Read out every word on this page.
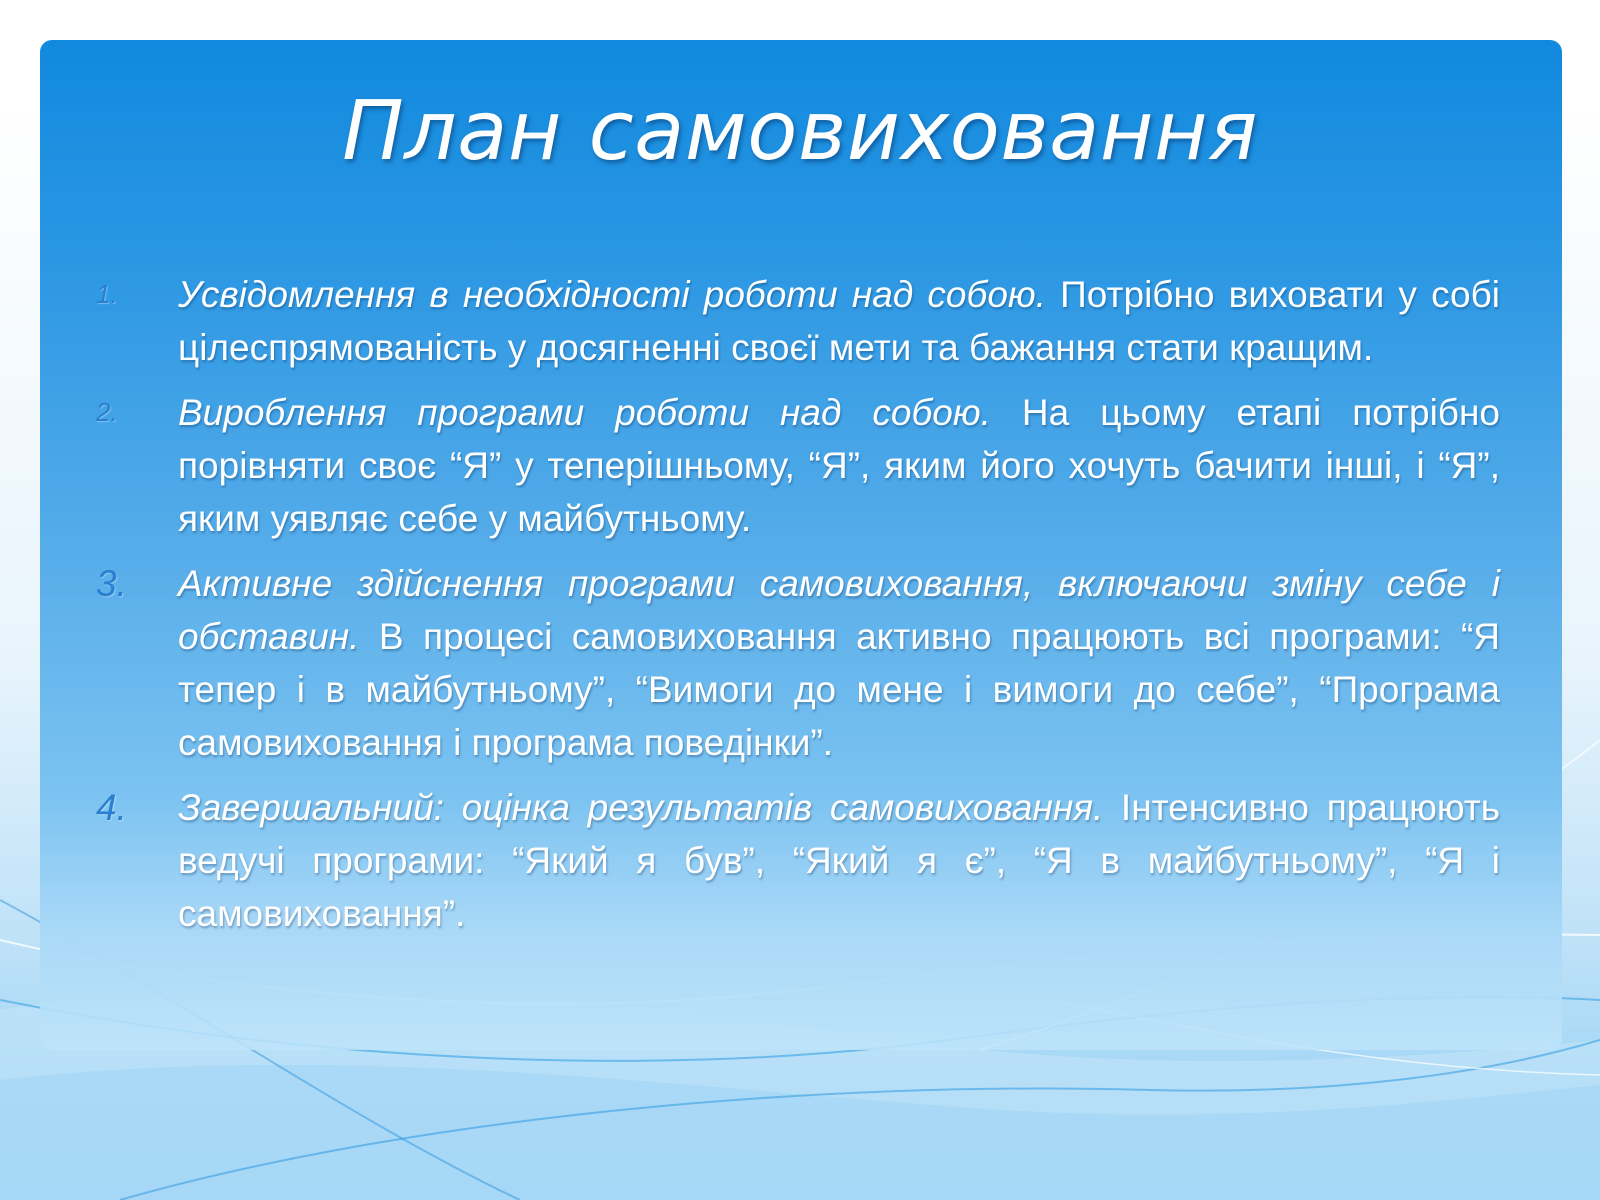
План самовиховання
1. Усвідомлення в необхідності роботи над собою. Потрібно виховати у собі цілеспрямованість у досягненні своєї мети та бажання стати кращим.
2. Вироблення програми роботи над собою. На цьому етапі потрібно порівняти своє “Я” у теперішньому, “Я”, яким його хочуть бачити інші, і “Я”, яким уявляє себе у майбутньому.
3. Активне здійснення програми самовиховання, включаючи зміну себе і обставин. В процесі самовиховання активно працюють всі програми: “Я тепер і в майбутньому”, “Вимоги до мене і вимоги до себе”, “Програма самовиховання і програма поведінки”.
4. Завершальний: оцінка результатів самовиховання. Інтенсивно працюють ведучі програми: “Який я був”, “Який я є”, “Я в майбутньому”, “Я і самовиховання”.
